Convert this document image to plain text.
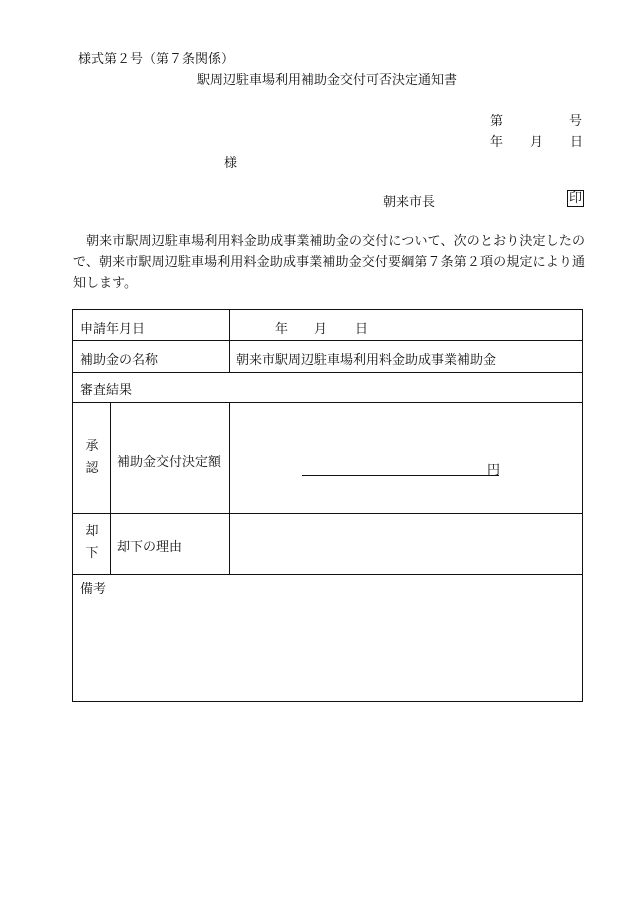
様式第２号（第７条関係）
駅周辺駐車場利用補助金交付可否決定通知書
第	号
年 月 日
様
朝来市長	印
朝来市駅周辺駐車場利用料金助成事業補助金の交付について、次のとおり決定したので、朝来市駅周辺駐車場利用料金助成事業補助金交付要綱第７条第２項の規定により通知します。
申請年月日	年 月 日
補助金の名称	朝来市駅周辺駐車場利用料金助成事業補助金
審査結果
承認 補助金交付決定額
円
却下 却下の理由
備考
